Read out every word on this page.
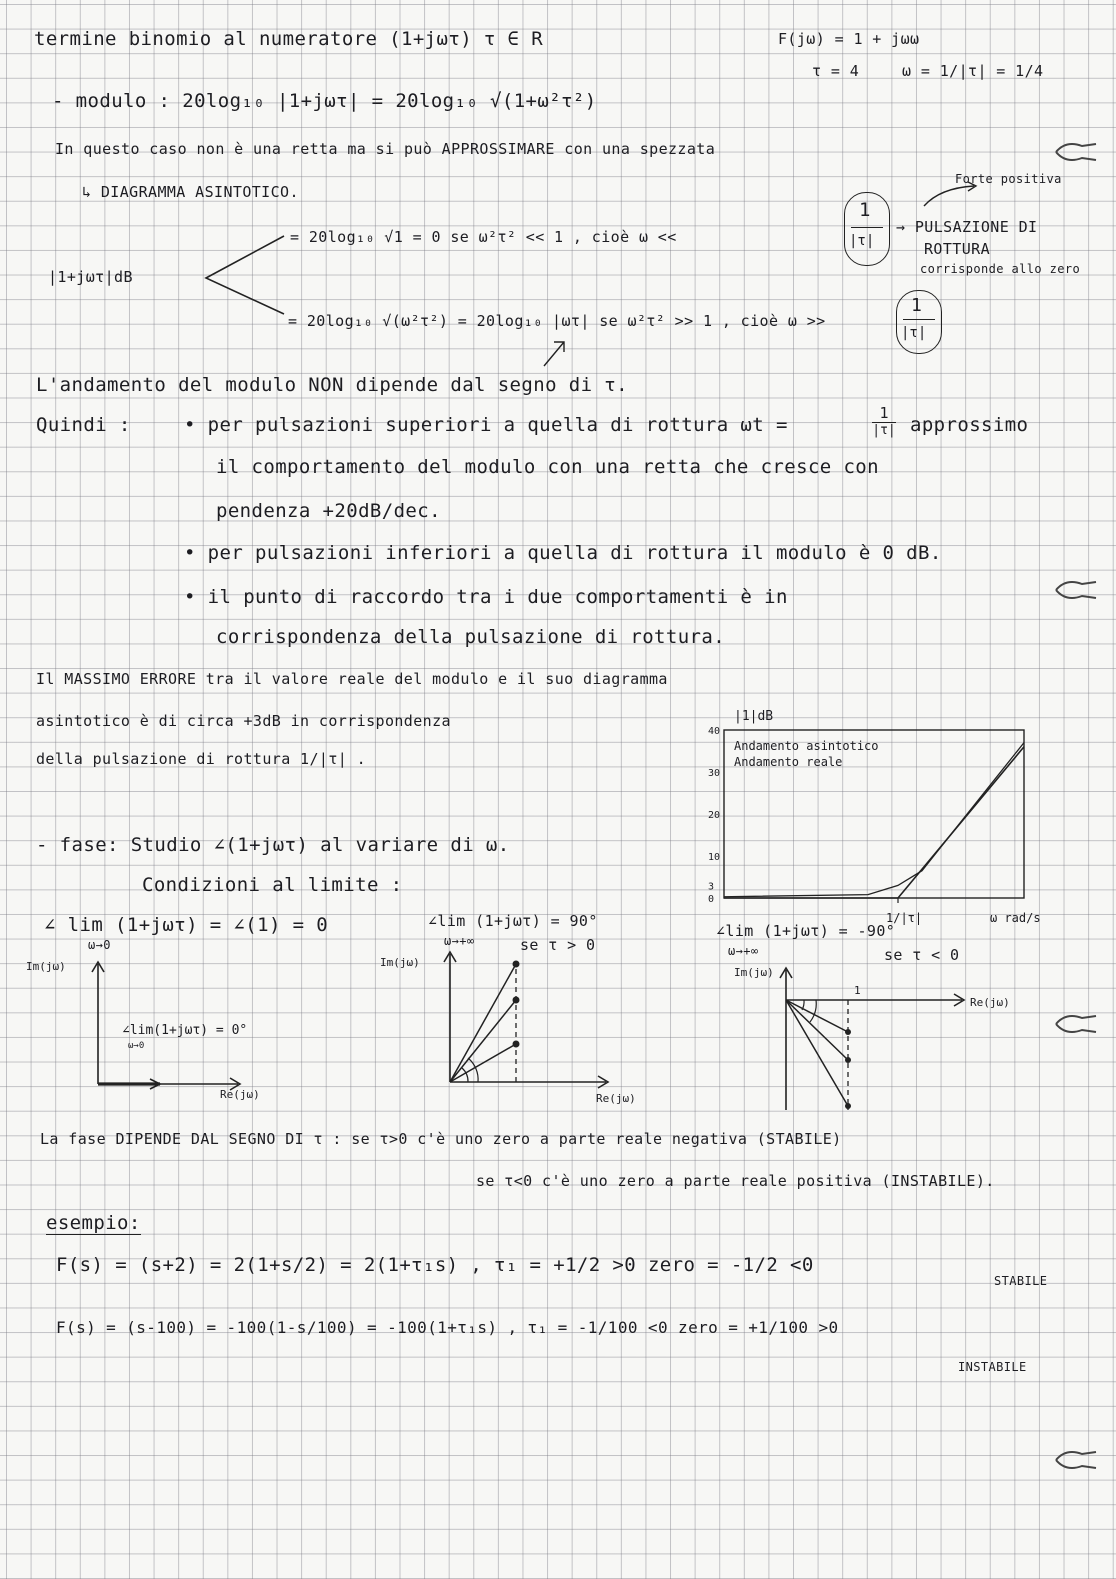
termine binomio al numeratore (1+jωτ) τ ∈ R	F(jω) = 1 + jωω
τ = 4	ω = 1/|τ| = 1/4
- modulo : 20log₁₀ |1+jωτ| = 20log₁₀ √(1+ω²τ²)
In questo caso non è una retta ma si può APPROSSIMARE con una spezzata
↳ DIAGRAMMA ASINTOTICO.
Forte positiva
= 20log₁₀ √1 = 0 se ω²τ² << 1 , cioè ω <<
1
|τ|
→ PULSAZIONE DI
ROTTURA
corrisponde allo zero
|1+jωτ|dB
= 20log₁₀ √(ω²τ²) = 20log₁₀ |ωτ| se ω²τ² >> 1 , cioè ω >>
1
|τ|
L'andamento del modulo NON dipende dal segno di τ.
Quindi :	• per pulsazioni superiori a quella di rottura ωt =
1
|τ| approssimo
il comportamento del modulo con una retta che cresce con
pendenza +20dB/dec.
• per pulsazioni inferiori a quella di rottura il modulo è 0 dB.
• il punto di raccordo tra i due comportamenti è in
corrispondenza della pulsazione di rottura.
Il MASSIMO ERRORE tra il valore reale del modulo e il suo diagramma
asintotico è di circa +3dB in corrispondenza
della pulsazione di rottura 1/|τ| .
|1|dB
ω rad/s
Andamento asintotico
Andamento reale
1/|τ|
0
3
10
20
30
40
- fase: Studio ∠(1+jωτ) al variare di ω.
Condizioni al limite :
∠ lim (1+jωτ) = ∠(1) = 0
ω→0
∠lim (1+jωτ) = 90°
ω→+∞	se τ > 0
∠lim (1+jωτ) = -90°
ω→+∞	se τ < 0
Im(jω)
Re(jω)
∠lim(1+jωτ) = 0°
ω→0
Im(jω)
Re(jω)
Im(jω)
Re(jω)
1
La fase DIPENDE DAL SEGNO DI τ : se τ>0 c'è uno zero a parte reale negativa (STABILE)
se τ<0 c'è uno zero a parte reale positiva (INSTABILE).
esempio:
F(s) = (s+2) = 2(1+s/2) = 2(1+τ₁s) , τ₁ = +1/2 >0 zero = -1/2 <0
STABILE
F(s) = (s-100) = -100(1-s/100) = -100(1+τ₁s) , τ₁ = -1/100 <0 zero = +1/100 >0
INSTABILE
